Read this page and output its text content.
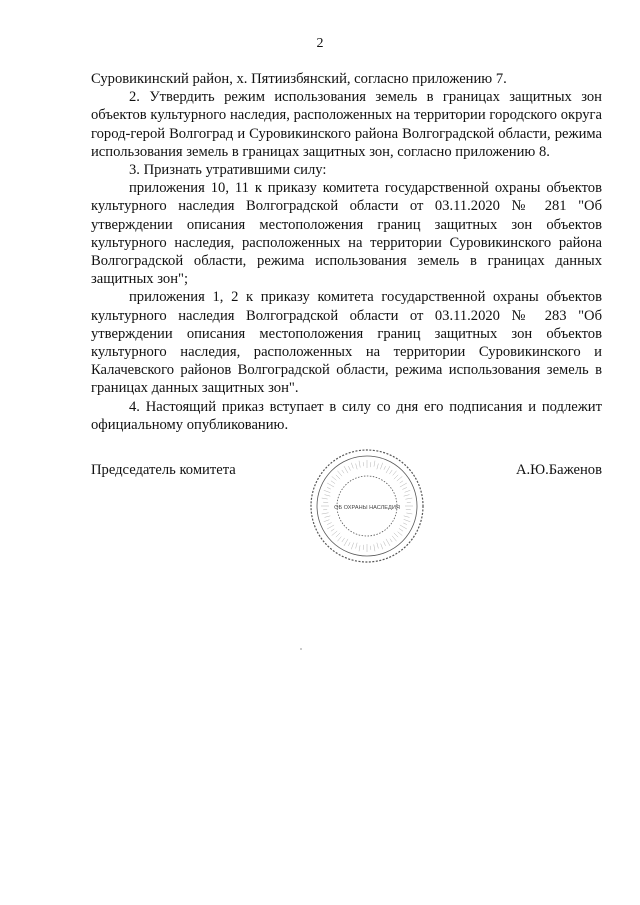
2

Суровикинский район, х. Пятиизбянский, согласно приложению 7.

2. Утвердить режим использования земель в границах защитных зон объектов культурного наследия, расположенных на территории городского округа город-герой Волгоград и Суровикинского района Волгоградской области, режима использования земель в границах защитных зон, согласно приложению 8.

3. Признать утратившими силу:

приложения 10, 11 к приказу комитета государственной охраны объектов культурного наследия Волгоградской области от 03.11.2020 № 281 "Об утверждении описания местоположения границ защитных зон объектов культурного наследия, расположенных на территории Суровикинского района Волгоградской области, режима использования земель в границах данных защитных зон";

приложения 1, 2 к приказу комитета государственной охраны объектов культурного наследия Волгоградской области от 03.11.2020 № 283 "Об утверждении описания местоположения границ защитных зон объектов культурного наследия, расположенных на территории Суровикинского и Калачевского районов Волгоградской области, режима использования земель в границах данных защитных зон".

4. Настоящий приказ вступает в силу со дня его подписания и подлежит официальному опубликованию.

Председатель комитета	А.Ю.Баженов
ОБ ОХРАНЫ НАСЛЕДИЯ
